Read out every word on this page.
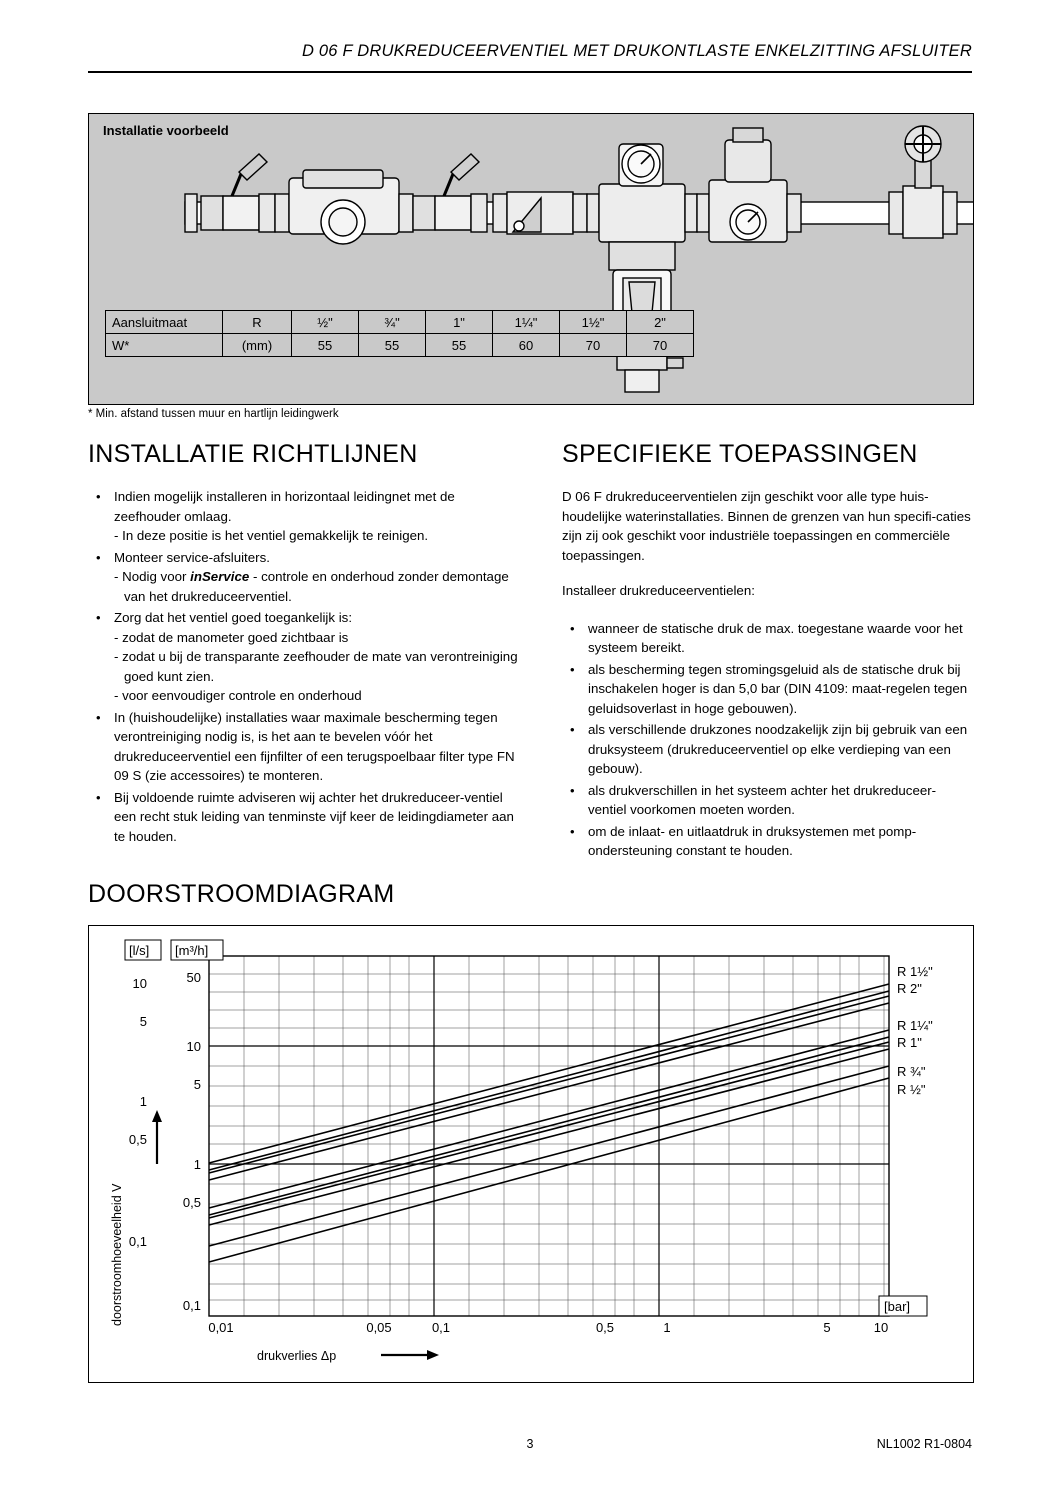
D 06 F DRUKREDUCEERVENTIEL MET DRUKONTLASTE ENKELZITTING AFSLUITER
Installatie voorbeeld
Aansluitmaat	R	½"	¾"	1"	1¼"	1½"	2"
W*	(mm)	55	55	55	60	70	70
* Min. afstand tussen muur en hartlijn leidingwerk
INSTALLATIE RICHTLIJNEN
• Indien mogelijk installeren in horizontaal leidingnet met de zeefhouder omlaag.
- In deze positie is het ventiel gemakkelijk te reinigen.
• Monteer service-afsluiters.
- Nodig voor inService - controle en onderhoud zonder demontage van het drukreduceerventiel.
• Zorg dat het ventiel goed toegankelijk is:
- zodat de manometer goed zichtbaar is
- zodat u bij de transparante zeefhouder de mate van verontreiniging goed kunt zien.
- voor eenvoudiger controle en onderhoud
• In (huishoudelijke) installaties waar maximale bescherming tegen verontreiniging nodig is, is het aan te bevelen vóór het drukreduceerventiel een fijnfilter of een terugspoelbaar filter type FN 09 S (zie accessoires) te monteren.
• Bij voldoende ruimte adviseren wij achter het drukreduceer-ventiel een recht stuk leiding van tenminste vijf keer de leidingdiameter aan te houden.
SPECIFIEKE TOEPASSINGEN
D 06 F drukreduceerventielen zijn geschikt voor alle type huis-houdelijke waterinstallaties. Binnen de grenzen van hun specifi-caties zijn zij ook geschikt voor industriële toepassingen en commerciële toepassingen.
Installeer drukreduceerventielen:
• wanneer de statische druk de max. toegestane waarde voor het systeem bereikt.
• als bescherming tegen stromingsgeluid als de statische druk bij inschakelen hoger is dan 5,0 bar (DIN 4109: maat-regelen tegen geluidsoverlast in hoge gebouwen).
• als verschillende drukzones noodzakelijk zijn bij gebruik van een druksysteem (drukreduceerventiel op elke verdieping van een gebouw).
• als drukverschillen in het systeem achter het drukreduceer-ventiel voorkomen moeten worden.
• om de inlaat- en uitlaatdruk in druksystemen met pomp-ondersteuning constant te houden.
DOORSTROOMDIAGRAM
R 1½"
R 2"
R 1¼"
R 1"
R ¾"
R ½"
50
10
5
1
0,5
0,1
10
5
1
0,5
0,1
[l/s] [m³/h]
[bar]
0,01	0,05	0,1	0,5	1	5	10
doorstroomhoeveelheid V
drukverlies Δp
3	NL1002 R1-0804
